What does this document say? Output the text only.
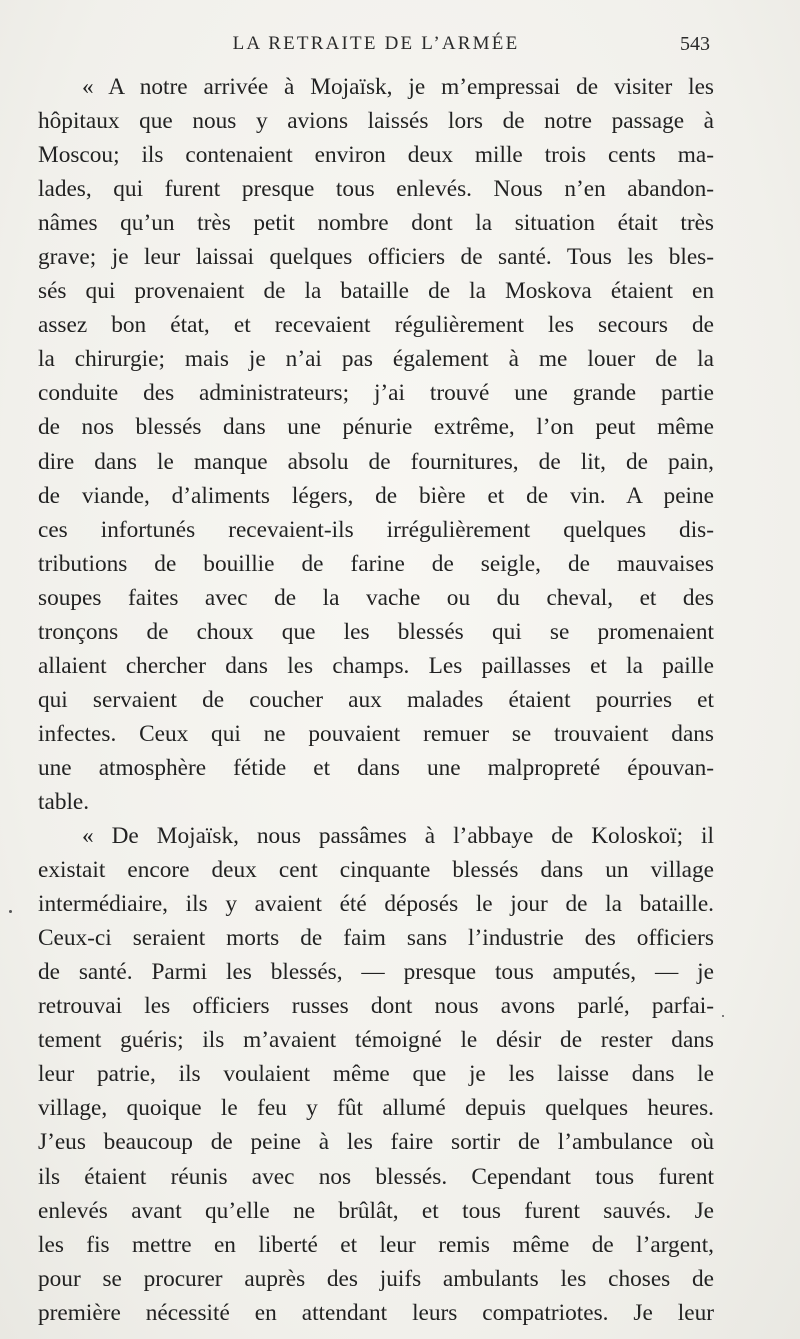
LA RETRAITE DE L’ARMÉE	543
« A notre arrivée à Mojaïsk, je m’empressai de visiter les
hôpitaux que nous y avions laissés lors de notre passage à
Moscou; ils contenaient environ deux mille trois cents ma-
lades, qui furent presque tous enlevés. Nous n’en abandon-
nâmes qu’un très petit nombre dont la situation était très
grave; je leur laissai quelques officiers de santé. Tous les bles-
sés qui provenaient de la bataille de la Moskova étaient en
assez bon état, et recevaient régulièrement les secours de
la chirurgie; mais je n’ai pas également à me louer de la
conduite des administrateurs; j’ai trouvé une grande partie
de nos blessés dans une pénurie extrême, l’on peut même
dire dans le manque absolu de fournitures, de lit, de pain,
de viande, d’aliments légers, de bière et de vin. A peine
ces infortunés recevaient-ils irrégulièrement quelques dis-
tributions de bouillie de farine de seigle, de mauvaises
soupes faites avec de la vache ou du cheval, et des
tronçons de choux que les blessés qui se promenaient
allaient chercher dans les champs. Les paillasses et la paille
qui servaient de coucher aux malades étaient pourries et
infectes. Ceux qui ne pouvaient remuer se trouvaient dans
une atmosphère fétide et dans une malpropreté épouvan-
table.
« De Mojaïsk, nous passâmes à l’abbaye de Koloskoï; il
existait encore deux cent cinquante blessés dans un village
intermédiaire, ils y avaient été déposés le jour de la bataille.
Ceux-ci seraient morts de faim sans l’industrie des officiers
de santé. Parmi les blessés, — presque tous amputés, — je
retrouvai les officiers russes dont nous avons parlé, parfai-
tement guéris; ils m’avaient témoigné le désir de rester dans
leur patrie, ils voulaient même que je les laisse dans le
village, quoique le feu y fût allumé depuis quelques heures.
J’eus beaucoup de peine à les faire sortir de l’ambulance où
ils étaient réunis avec nos blessés. Cependant tous furent
enlevés avant qu’elle ne brûlât, et tous furent sauvés. Je
les fis mettre en liberté et leur remis même de l’argent,
pour se procurer auprès des juifs ambulants les choses de
première nécessité en attendant leurs compatriotes. Je leur
